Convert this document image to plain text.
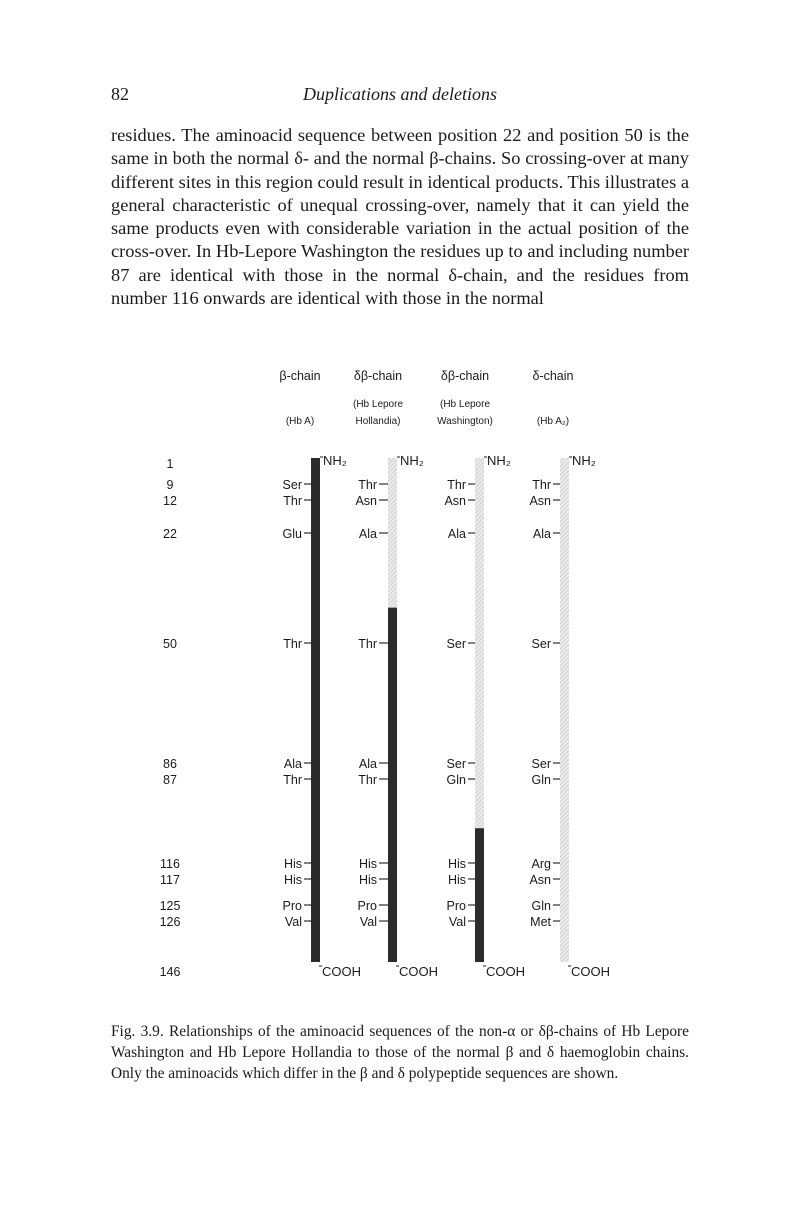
82	Duplications and deletions
residues. The aminoacid sequence between position 22 and position 50 is the same in both the normal δ- and the normal β-chains. So crossing-over at many different sites in this region could result in identical products. This illustrates a general characteristic of unequal crossing-over, namely that it can yield the same products even with considerable variation in the actual position of the cross-over. In Hb-Lepore Washington the residues up to and including number 87 are identical with those in the normal δ-chain, and the residues from number 116 onwards are identical with those in the normal
1
9
12
22
50
86
87
116
117
125
126
146
β-chain
(Hb A)
NH₂
COOH
Ser
Thr
Glu
Thr
Ala
Thr
His
His
Pro
Val
δβ-chain
(Hb Lepore
Hollandia)
NH₂
COOH
Thr
Asn
Ala
Thr
Ala
Thr
His
His
Pro
Val
δβ-chain
(Hb Lepore
Washington)
NH₂
COOH
Thr
Asn
Ala
Ser
Ser
Gln
His
His
Pro
Val
δ-chain
(Hb A₂)
NH₂
COOH
Thr
Asn
Ala
Ser
Ser
Gln
Arg
Asn
Gln
Met
Fig. 3.9. Relationships of the aminoacid sequences of the non-α or δβ-chains of Hb Lepore Washington and Hb Lepore Hollandia to those of the normal β and δ haemoglobin chains. Only the aminoacids which differ in the β and δ polypeptide sequences are shown.
